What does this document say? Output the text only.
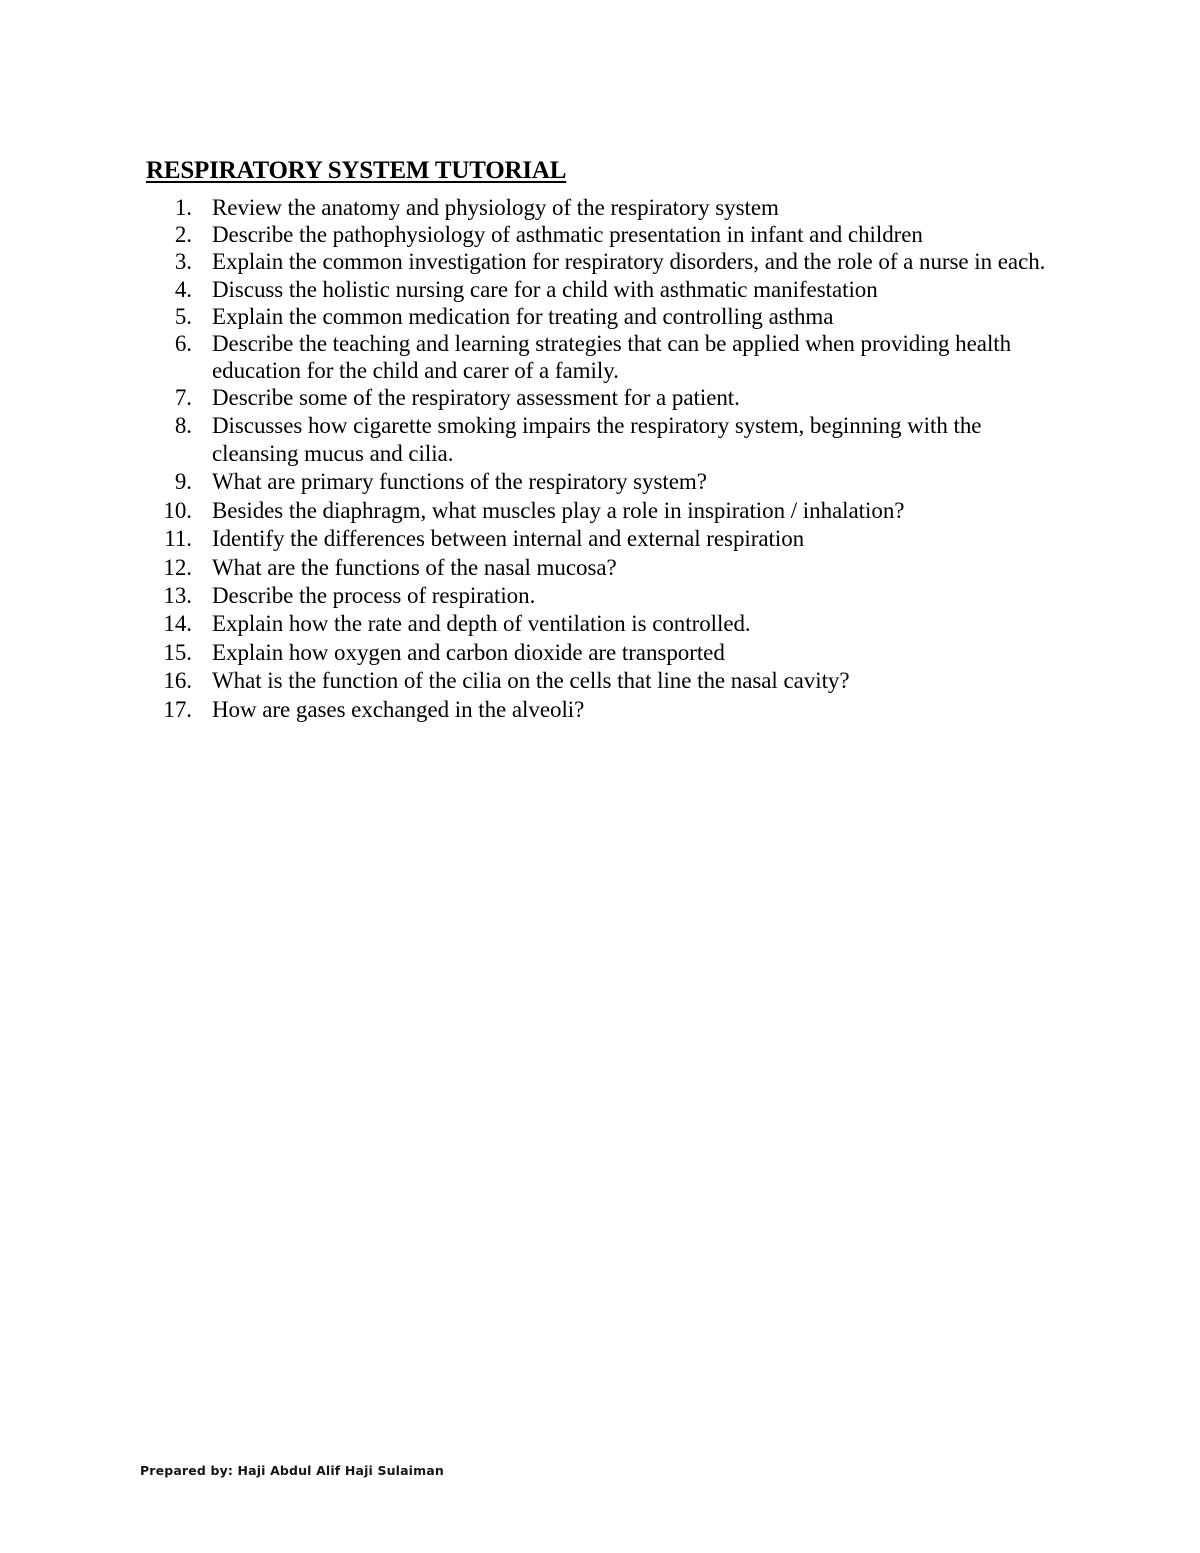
RESPIRATORY SYSTEM TUTORIAL
1. Review the anatomy and physiology of the respiratory system
2. Describe the pathophysiology of asthmatic presentation in infant and children
3. Explain the common investigation for respiratory disorders, and the role of a nurse in each.
4. Discuss the holistic nursing care for a child with asthmatic manifestation
5. Explain the common medication for treating and controlling asthma
6. Describe the teaching and learning strategies that can be applied when providing health education for the child and carer of a family.
7. Describe some of the respiratory assessment for a patient.
8. Discusses how cigarette smoking impairs the respiratory system, beginning with the cleansing mucus and cilia.
9. What are primary functions of the respiratory system?
10. Besides the diaphragm, what muscles play a role in inspiration / inhalation?
11. Identify the differences between internal and external respiration
12. What are the functions of the nasal mucosa?
13. Describe the process of respiration.
14. Explain how the rate and depth of ventilation is controlled.
15. Explain how oxygen and carbon dioxide are transported
16. What is the function of the cilia on the cells that line the nasal cavity?
17. How are gases exchanged in the alveoli?
Prepared by: Haji Abdul Alif Haji Sulaiman
